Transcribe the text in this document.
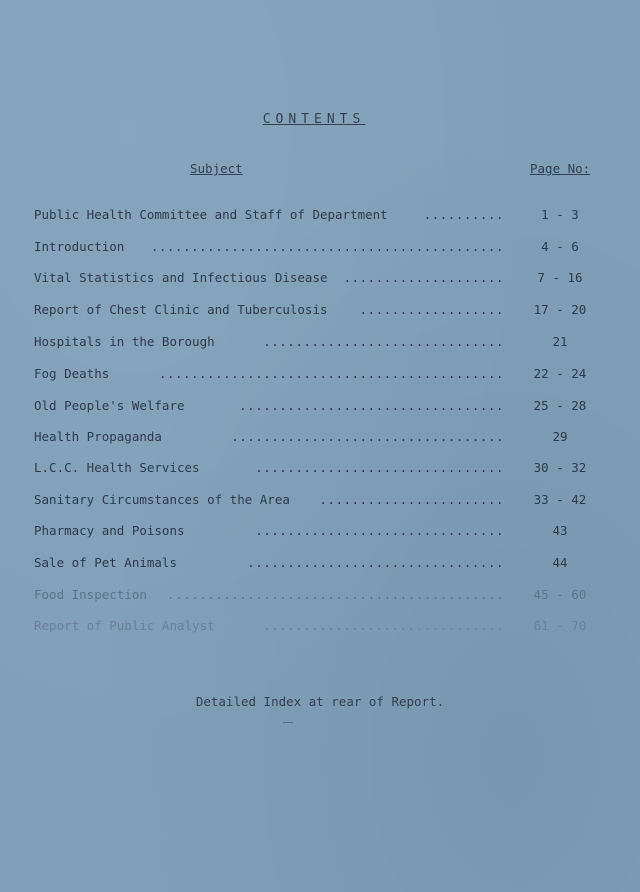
CONTENTS
Subject	Page No:
Public Health Committee and Staff of Department	..........	1 - 3
Introduction ............................................	4 - 6
Vital Statistics and Infectious Disease ....................	7 - 16
Report of Chest Clinic and Tuberculosis	..................	17 - 20
Hospitals in the Borough	..............................	21
Fog Deaths	...........................................	22 - 24
Old People's Welfare	.................................	25 - 28
Health Propaganda	..................................	29
L.C.C. Health Services	...............................	30 - 32
Sanitary Circumstances of the Area .......................	33 - 42
Pharmacy and Poisons	...............................	43
Sale of Pet Animals	................................	44
Food Inspection ..........................................	45 - 60
Report of Public Analyst	..............................	61 - 70
Detailed Index at rear of Report.
